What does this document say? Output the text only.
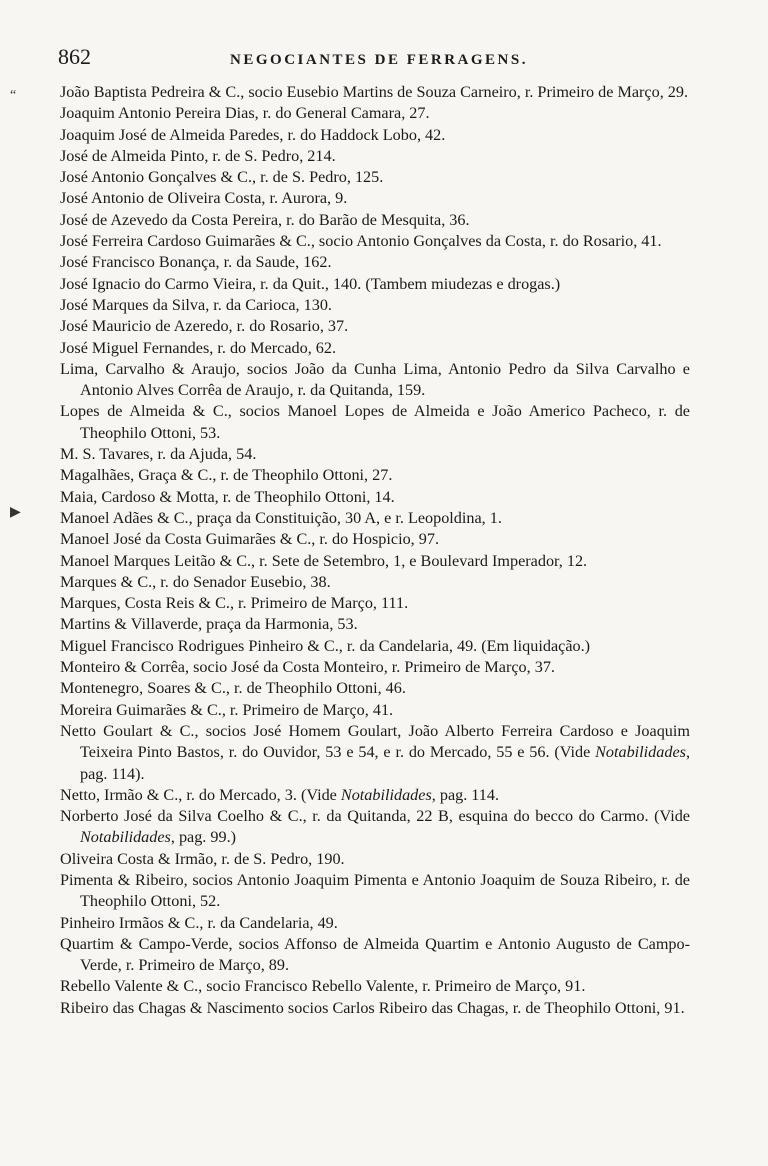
“
▶
862	NEGOCIANTES DE FERRAGENS.
João Baptista Pedreira & C., socio Eusebio Martins de Souza Carneiro, r. Primeiro de Março, 29.
Joaquim Antonio Pereira Dias, r. do General Camara, 27.
Joaquim José de Almeida Paredes, r. do Haddock Lobo, 42.
José de Almeida Pinto, r. de S. Pedro, 214.
José Antonio Gonçalves & C., r. de S. Pedro, 125.
José Antonio de Oliveira Costa, r. Aurora, 9.
José de Azevedo da Costa Pereira, r. do Barão de Mesquita, 36.
José Ferreira Cardoso Guimarães & C., socio Antonio Gonçalves da Costa, r. do Rosario, 41.
José Francisco Bonança, r. da Saude, 162.
José Ignacio do Carmo Vieira, r. da Quit., 140. (Tambem miudezas e drogas.)
José Marques da Silva, r. da Carioca, 130.
José Mauricio de Azeredo, r. do Rosario, 37.
José Miguel Fernandes, r. do Mercado, 62.
Lima, Carvalho & Araujo, socios João da Cunha Lima, Antonio Pedro da Silva Carvalho e Antonio Alves Corrêa de Araujo, r. da Quitanda, 159.
Lopes de Almeida & C., socios Manoel Lopes de Almeida e João Americo Pacheco, r. de Theophilo Ottoni, 53.
M. S. Tavares, r. da Ajuda, 54.
Magalhães, Graça & C., r. de Theophilo Ottoni, 27.
Maia, Cardoso & Motta, r. de Theophilo Ottoni, 14.
Manoel Adães & C., praça da Constituição, 30 A, e r. Leopoldina, 1.
Manoel José da Costa Guimarães & C., r. do Hospicio, 97.
Manoel Marques Leitão & C., r. Sete de Setembro, 1, e Boulevard Imperador, 12.
Marques & C., r. do Senador Eusebio, 38.
Marques, Costa Reis & C., r. Primeiro de Março, 111.
Martins & Villaverde, praça da Harmonia, 53.
Miguel Francisco Rodrigues Pinheiro & C., r. da Candelaria, 49. (Em liquidação.)
Monteiro & Corrêa, socio José da Costa Monteiro, r. Primeiro de Março, 37.
Montenegro, Soares & C., r. de Theophilo Ottoni, 46.
Moreira Guimarães & C., r. Primeiro de Março, 41.
Netto Goulart & C., socios José Homem Goulart, João Alberto Ferreira Cardoso e Joaquim Teixeira Pinto Bastos, r. do Ouvidor, 53 e 54, e r. do Mercado, 55 e 56. (Vide Notabilidades, pag. 114).
Netto, Irmão & C., r. do Mercado, 3. (Vide Notabilidades, pag. 114.
Norberto José da Silva Coelho & C., r. da Quitanda, 22 B, esquina do becco do Carmo. (Vide Notabilidades, pag. 99.)
Oliveira Costa & Irmão, r. de S. Pedro, 190.
Pimenta & Ribeiro, socios Antonio Joaquim Pimenta e Antonio Joaquim de Souza Ribeiro, r. de Theophilo Ottoni, 52.
Pinheiro Irmãos & C., r. da Candelaria, 49.
Quartim & Campo-Verde, socios Affonso de Almeida Quartim e Antonio Augusto de Campo-Verde, r. Primeiro de Março, 89.
Rebello Valente & C., socio Francisco Rebello Valente, r. Primeiro de Março, 91.
Ribeiro das Chagas & Nascimento socios Carlos Ribeiro das Chagas, r. de Theophilo Ottoni, 91.
